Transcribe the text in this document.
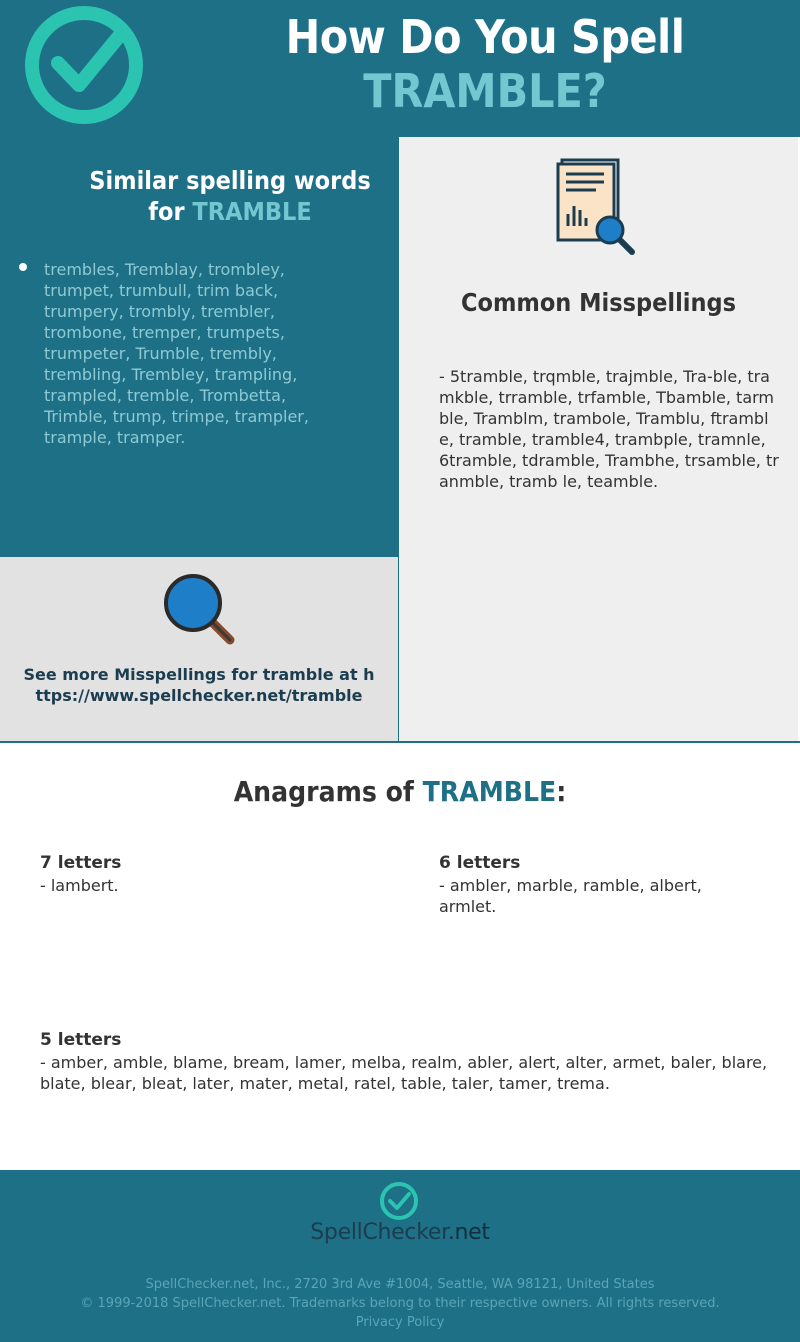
How Do You Spell
TRAMBLE?
Similar spelling words
for TRAMBLE
trembles, Tremblay, trombley, trumpet, trumbull, trim back, trumpery, trombly, trembler, trombone, tremper, trumpets, trumpeter, Trumble, trembly, trembling, Trembley, trampling, trampled, tremble, Trombetta, Trimble, trump, trimpe, trampler, trample, tramper.
See more Misspellings for tramble at https://www.spellchecker.net/tramble
Common Misspellings
- 5tramble, trqmble, trajmble, Tra-ble, tramkble, trramble, trfamble, Tbamble, tarmble, Tramblm, trambole, Tramblu, ftramble, tramble, tramble4, trambple, tramnle, 6tramble, tdramble, Trambhe, trsamble, tranmble, tramb le, teamble.
Anagrams of TRAMBLE:
7 letters
- lambert.
6 letters
- ambler, marble, ramble, albert, armlet.
5 letters
- amber, amble, blame, bream, lamer, melba, realm, abler, alert, alter, armet, baler, blare, blate, blear, bleat, later, mater, metal, ratel, table, taler, tamer, trema.
SpellChecker.net
SpellChecker.net, Inc., 2720 3rd Ave #1004, Seattle, WA 98121, United States
© 1999-2018 SpellChecker.net. Trademarks belong to their respective owners. All rights reserved.
Privacy Policy
